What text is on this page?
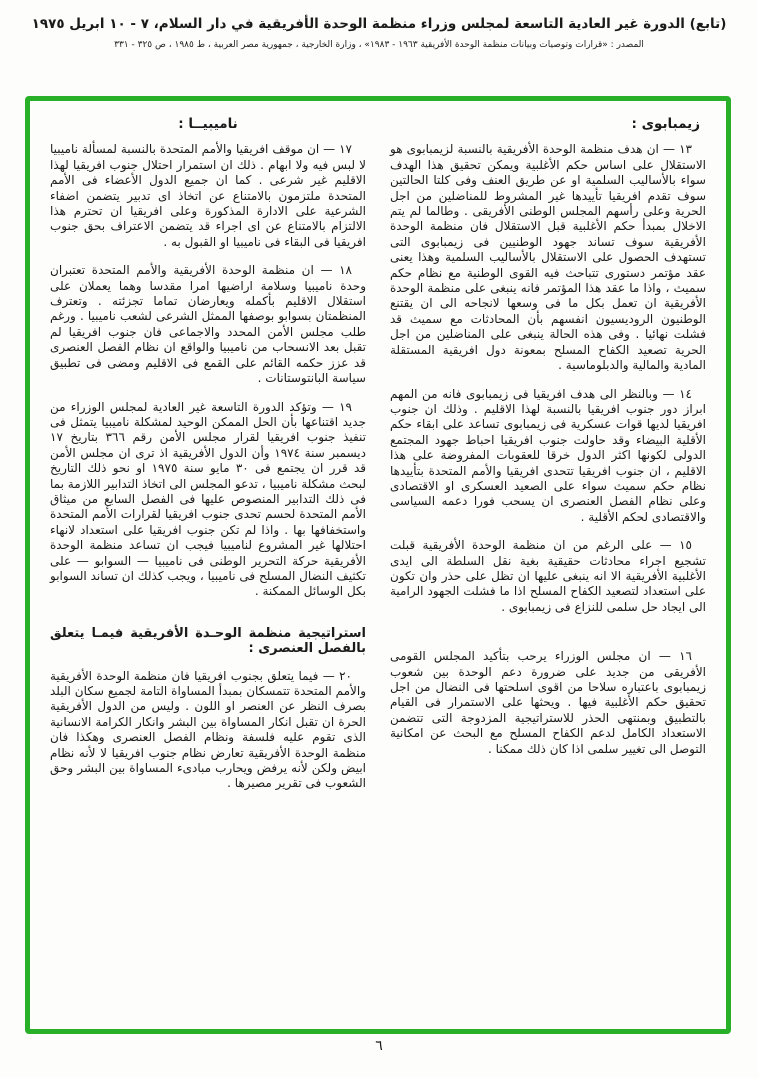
(تابع) الدورة غير العادية التاسعة لمجلس وزراء منظمة الوحدة الأفريقية في دار السلام، ٧ - ١٠ ابريل ١٩٧٥
المصدر : «قرارات وتوصيات وبيانات منظمة الوحدة الأفريقية ١٩٦٣ - ١٩٨٣» ، وزارة الخارجية ، جمهورية مصر العربية ، ط ١٩٨٥ ، ص ٣٢٥ - ٣٣١
زيمبابوى :

١٣ — ان هدف منظمة الوحدة الأفريقية بالنسبة لزيمبابوى هو الاستقلال على اساس حكم الأغلبية ويمكن تحقيق هذا الهدف سواء بالأساليب السلمية او عن طريق العنف وفى كلتا الحالتين سوف تقدم افريقيا تأييدها غير المشروط للمناضلين من اجل الحرية وعلى رأسهم المجلس الوطنى الأفريقى . وطالما لم يتم الاخلال بمبدأ حكم الأغلبية قبل الاستقلال فان منظمة الوحدة الأفريقية سوف تساند جهود الوطنيين فى زيمبابوى التى تستهدف الحصول على الاستقلال بالأساليب السلمية وهذا يعنى عقد مؤتمر دستورى تتباحث فيه القوى الوطنية مع نظام حكم سميث ، واذا ما عقد هذا المؤتمر فانه ينبغى على منظمة الوحدة الأفريقية ان تعمل بكل ما فى وسعها لانجاحه الى ان يقتنع الوطنيون الروديسيون انفسهم بأن المحادثات مع سميث قد فشلت نهائيا . وفى هذه الحالة ينبغى على المناضلين من اجل الحرية تصعيد الكفاح المسلح بمعونة دول افريقية المستقلة المادية والمالية والدبلوماسية .

١٤ — وبالنظر الى هدف افريقيا فى زيمبابوى فانه من المهم ابراز دور جنوب افريقيا بالنسبة لهذا الاقليم . وذلك ان جنوب افريقيا لديها قوات عسكرية فى زيمبابوى تساعد على ابقاء حكم الأقلية البيضاء وقد حاولت جنوب افريقيا احباط جهود المجتمع الدولى لكونها اكثر الدول خرقا للعقوبات المفروضة على هذا الاقليم ، ان جنوب افريقيا تتحدى افريقيا والأمم المتحدة بتأييدها نظام حكم سميث سواء على الصعيد العسكرى او الاقتصادى وعلى نظام الفصل العنصرى ان يسحب فورا دعمه السياسى والاقتصادى لحكم الأقلية .

١٥ — على الرغم من ان منظمة الوحدة الأفريقية قبلت تشجيع اجراء محادثات حقيقية بغية نقل السلطة الى ايدى الأغلبية الأفريقية الا انه ينبغى عليها ان تظل على حذر وان تكون على استعداد لتصعيد الكفاح المسلح اذا ما فشلت الجهود الرامية الى ايجاد حل سلمى للنزاع فى زيمبابوى .

١٦ — ان مجلس الوزراء يرحب بتأكيد المجلس القومى الأفريقى من جديد على ضرورة دعم الوحدة بين شعوب زيمبابوى باعتباره سلاحا من اقوى اسلحتها فى النضال من اجل تحقيق حكم الأغلبية فيها . ويحثها على الاستمرار فى القيام بالتطبيق وبمنتهى الحذر للاستراتيجية المزدوجة التى تتضمن الاستعداد الكامل لدعم الكفاح المسلح مع البحث عن امكانية التوصل الى تغيير سلمى اذا كان ذلك ممكنا .

ناميبيــا :

١٧ — ان موقف افريقيا والأمم المتحدة بالنسبة لمسألة ناميبيا لا لبس فيه ولا ابهام . ذلك ان استمرار احتلال جنوب افريقيا لهذا الاقليم غير شرعى . كما ان جميع الدول الأعضاء فى الأمم المتحدة ملتزمون بالامتناع عن اتخاذ اى تدبير يتضمن اضفاء الشرعية على الادارة المذكورة وعلى افريقيا ان تحترم هذا الالتزام بالامتناع عن اى اجراء قد يتضمن الاعتراف بحق جنوب افريقيا فى البقاء فى ناميبيا او القبول به .

١٨ — ان منظمة الوحدة الأفريقية والأمم المتحدة تعتبران وحدة ناميبيا وسلامة اراضيها امرا مقدسا وهما يعملان على استقلال الاقليم بأكمله ويعارضان تماما تجزئته . وتعترف المنظمتان بسوابو بوصفها الممثل الشرعى لشعب ناميبيا . ورغم طلب مجلس الأمن المحدد والاجماعى فان جنوب افريقيا لم تقبل بعد الانسحاب من ناميبيا والواقع ان نظام الفصل العنصرى قد عزز حكمه القائم على القمع فى الاقليم ومضى فى تطبيق سياسة البانتوستانات .

١٩ — وتؤكد الدورة التاسعة غير العادية لمجلس الوزراء من جديد اقتناعها بأن الحل الممكن الوحيد لمشكلة ناميبيا يتمثل فى تنفيذ جنوب افريقيا لقرار مجلس الأمن رقم ٣٦٦ بتاريخ ١٧ ديسمبر سنة ١٩٧٤ وأن الدول الأفريقية اذ ترى ان مجلس الأمن قد قرر ان يجتمع فى ٣٠ مايو سنة ١٩٧٥ او نحو ذلك التاريخ لبحث مشكلة ناميبيا ، تدعو المجلس الى اتخاذ التدابير اللازمة بما فى ذلك التدابير المنصوص عليها فى الفصل السابع من ميثاق الأمم المتحدة لحسم تحدى جنوب افريقيا لقرارات الأمم المتحدة واستخفافها بها . واذا لم تكن جنوب افريقيا على استعداد لانهاء احتلالها غير المشروع لناميبيا فيجب ان تساعد منظمة الوحدة الأفريقية حركة التحرير الوطنى فى ناميبيا — السوابو — على تكثيف النضال المسلح فى ناميبيا ، ويجب كذلك ان تساند السوابو بكل الوسائل الممكنة .

استراتيجية منظمة الوحـدة الأفريقية فيمـا يتعلق بالفصل العنصرى :

٢٠ — فيما يتعلق بجنوب افريقيا فان منظمة الوحدة الأفريقية والأمم المتحدة تتمسكان بمبدأ المساواة التامة لجميع سكان البلد بصرف النظر عن العنصر او اللون . وليس من الدول الأفريقية الحرة ان تقبل انكار المساواة بين البشر وانكار الكرامة الانسانية الذى تقوم عليه فلسفة ونظام الفصل العنصرى وهكذا فان منظمة الوحدة الأفريقية تعارض نظام جنوب افريقيا لا لأنه نظام ابيض ولكن لأنه يرفض ويحارب مبادىء المساواة بين البشر وحق الشعوب فى تقرير مصيرها .

٦
